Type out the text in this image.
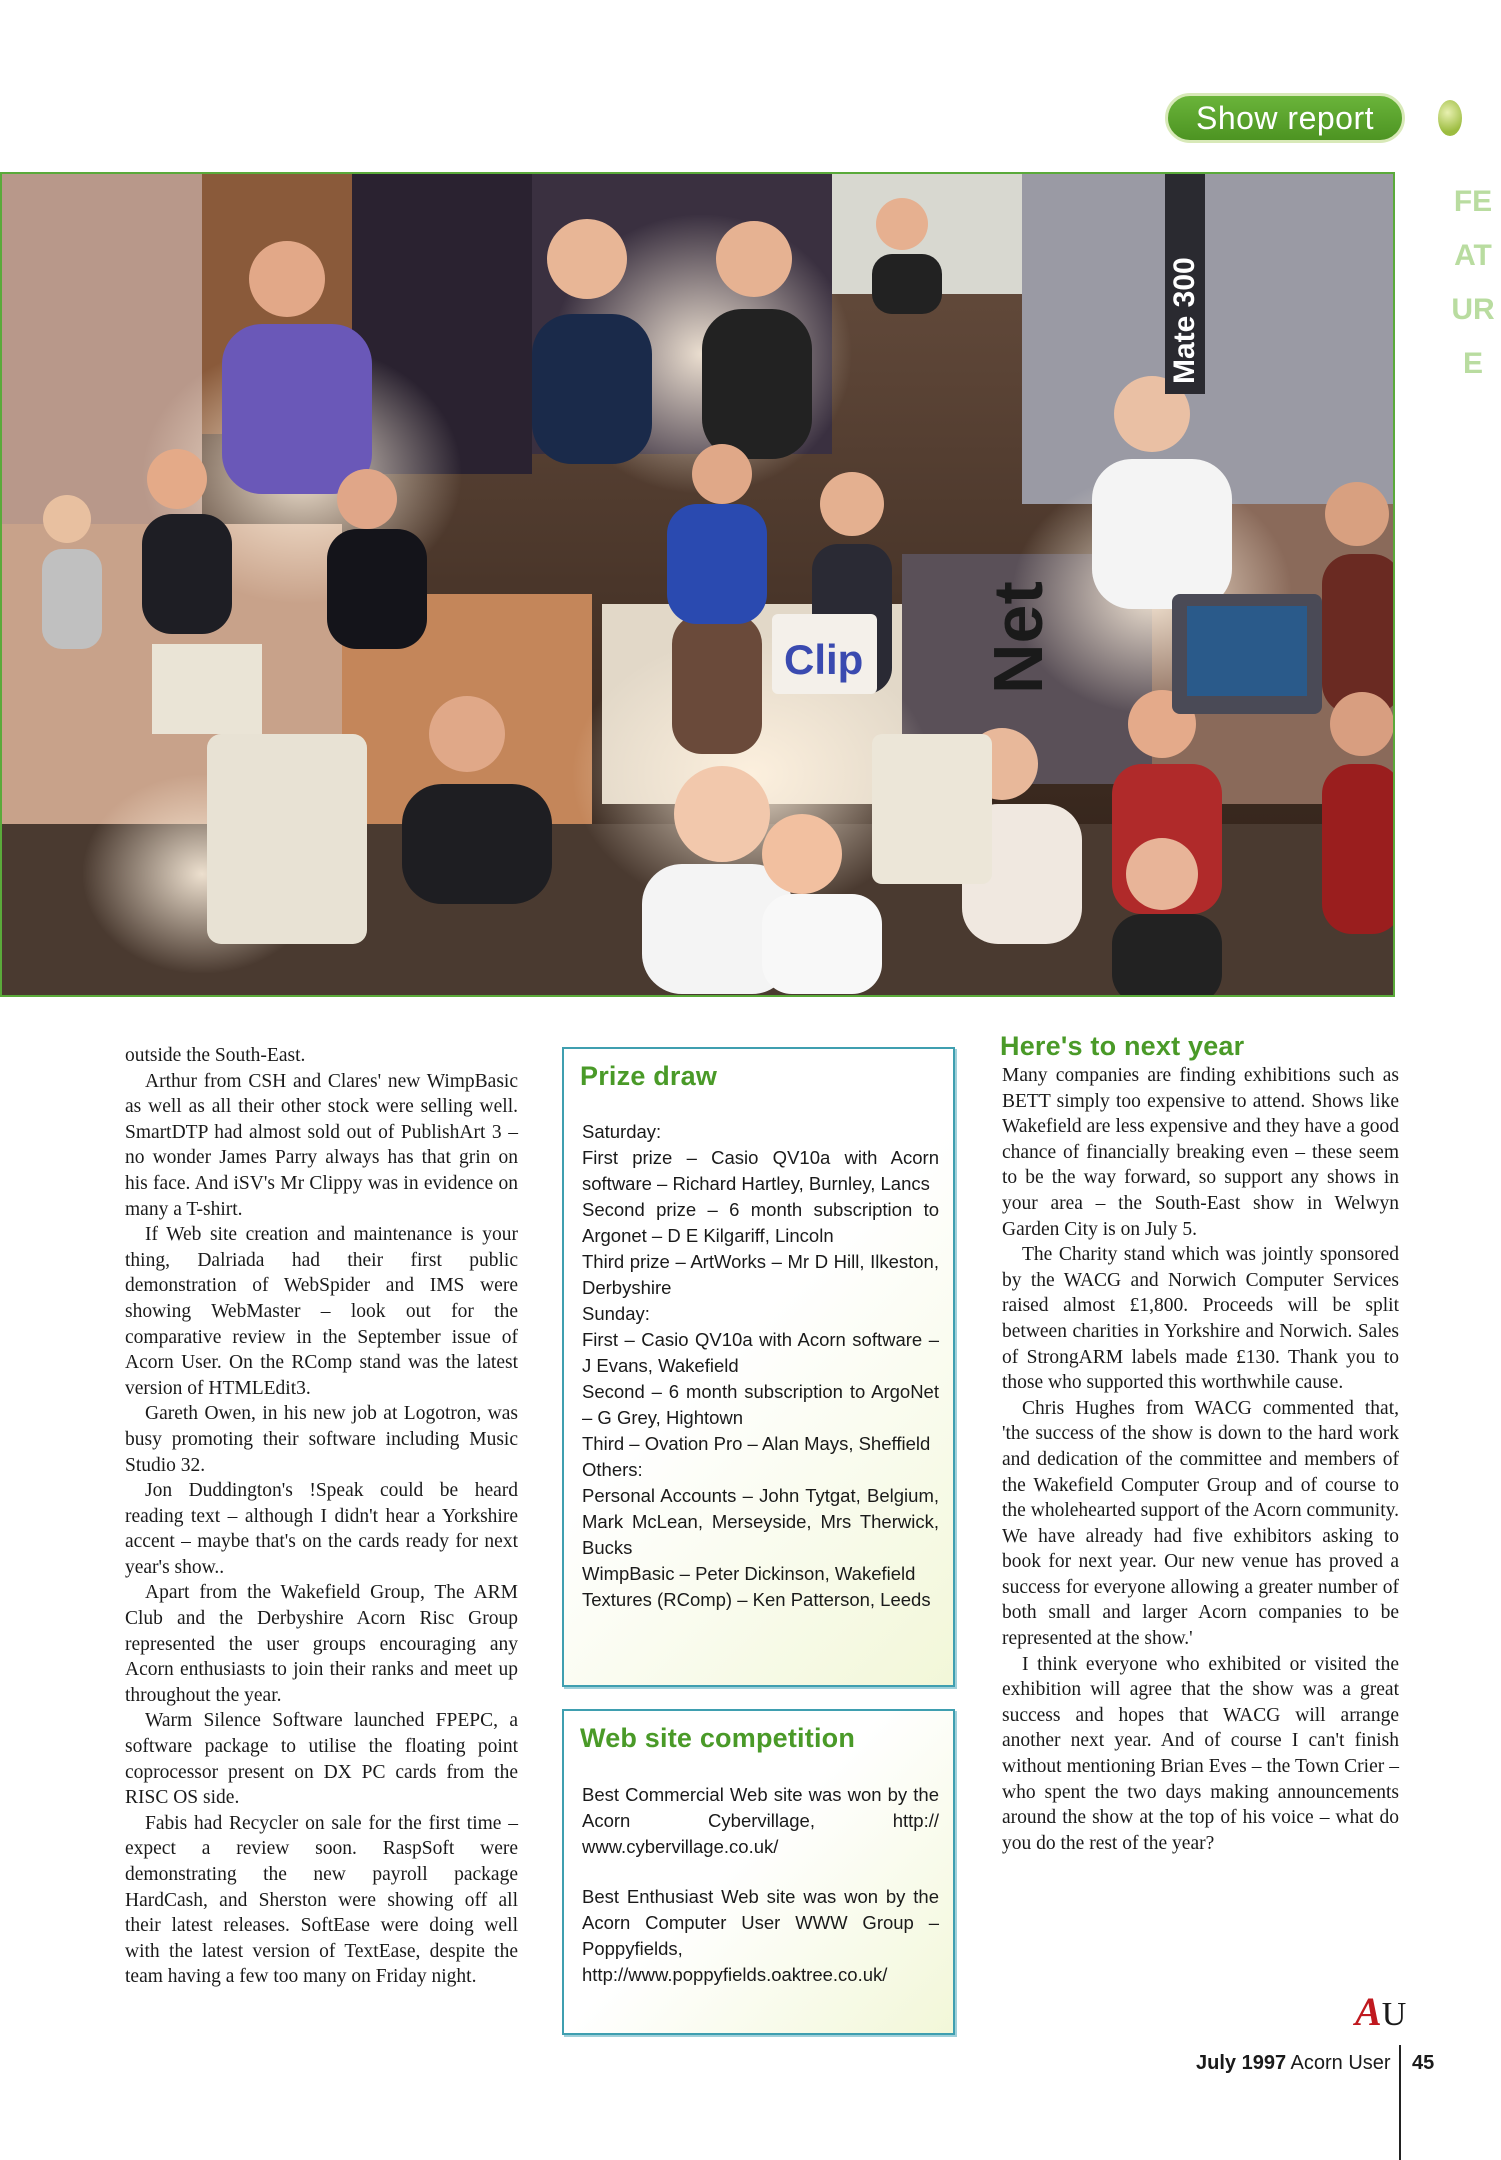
Show report
FEATURE
Mate 300
Net
Clip

outside the South-East.

Arthur from CSH and Clares' new WimpBasic as well as all their other stock were selling well. SmartDTP had almost sold out of PublishArt 3 – no wonder James Parry always has that grin on his face. And iSV's Mr Clippy was in evidence on many a T-shirt.

If Web site creation and maintenance is your thing, Dalriada had their first public demonstration of WebSpider and IMS were showing WebMaster – look out for the comparative review in the September issue of Acorn User. On the RComp stand was the latest version of HTMLEdit3.

Gareth Owen, in his new job at Logotron, was busy promoting their software including Music Studio 32.

Jon Duddington's !Speak could be heard reading text – although I didn't hear a Yorkshire accent – maybe that's on the cards ready for next year's show..

Apart from the Wakefield Group, The ARM Club and the Derbyshire Acorn Risc Group represented the user groups encouraging any Acorn enthusiasts to join their ranks and meet up throughout the year.

Warm Silence Software launched FPEPC, a software package to utilise the floating point coprocessor present on DX PC cards from the RISC OS side.

Fabis had Recycler on sale for the first time – expect a review soon. RaspSoft were demonstrating the new payroll package HardCash, and Sherston were showing off all their latest releases. SoftEase were doing well with the latest version of TextEase, despite the team having a few too many on Friday night.

Prize draw
Saturday:
First prize – Casio QV10a with Acorn software – Richard Hartley, Burnley, Lancs
Second prize – 6 month subscription to Argonet – D E Kilgariff, Lincoln
Third prize – ArtWorks – Mr D Hill, Ilkeston, Derbyshire
Sunday:
First – Casio QV10a with Acorn software – J Evans, Wakefield
Second – 6 month subscription to ArgoNet – G Grey, Hightown
Third – Ovation Pro – Alan Mays, Sheffield
Others:
Personal Accounts – John Tytgat, Belgium, Mark McLean, Merseyside, Mrs Therwick, Bucks
WimpBasic – Peter Dickinson, Wakefield
Textures (RComp) – Ken Patterson, Leeds
Web site competition
Best Commercial Web site was won by the Acorn Cybervillage, http:// www.cybervillage.co.uk/
Best Enthusiast Web site was won by the Acorn Computer User WWW Group – Poppyfields, http://www.poppyfields.oaktree.co.uk/
Here's to next year

Many companies are finding exhibitions such as BETT simply too expensive to attend. Shows like Wakefield are less expensive and they have a good chance of financially breaking even – these seem to be the way forward, so support any shows in your area – the South-East show in Welwyn Garden City is on July 5.

The Charity stand which was jointly sponsored by the WACG and Norwich Computer Services raised almost £1,800. Proceeds will be split between charities in Yorkshire and Norwich. Sales of StrongARM labels made £130. Thank you to those who supported this worthwhile cause.

Chris Hughes from WACG commented that, 'the success of the show is down to the hard work and dedication of the committee and members of the Wakefield Computer Group and of course to the wholehearted support of the Acorn community. We have already had five exhibitors asking to book for next year. Our new venue has proved a success for everyone allowing a greater number of both small and larger Acorn companies to be represented at the show.'

I think everyone who exhibited or visited the exhibition will agree that the show was a great success and hopes that WACG will arrange another next year. And of course I can't finish without mentioning Brian Eves – the Town Crier – who spent the two days making announcements around the show at the top of his voice – what do you do the rest of the year?

AU
July 1997 Acorn User 45
